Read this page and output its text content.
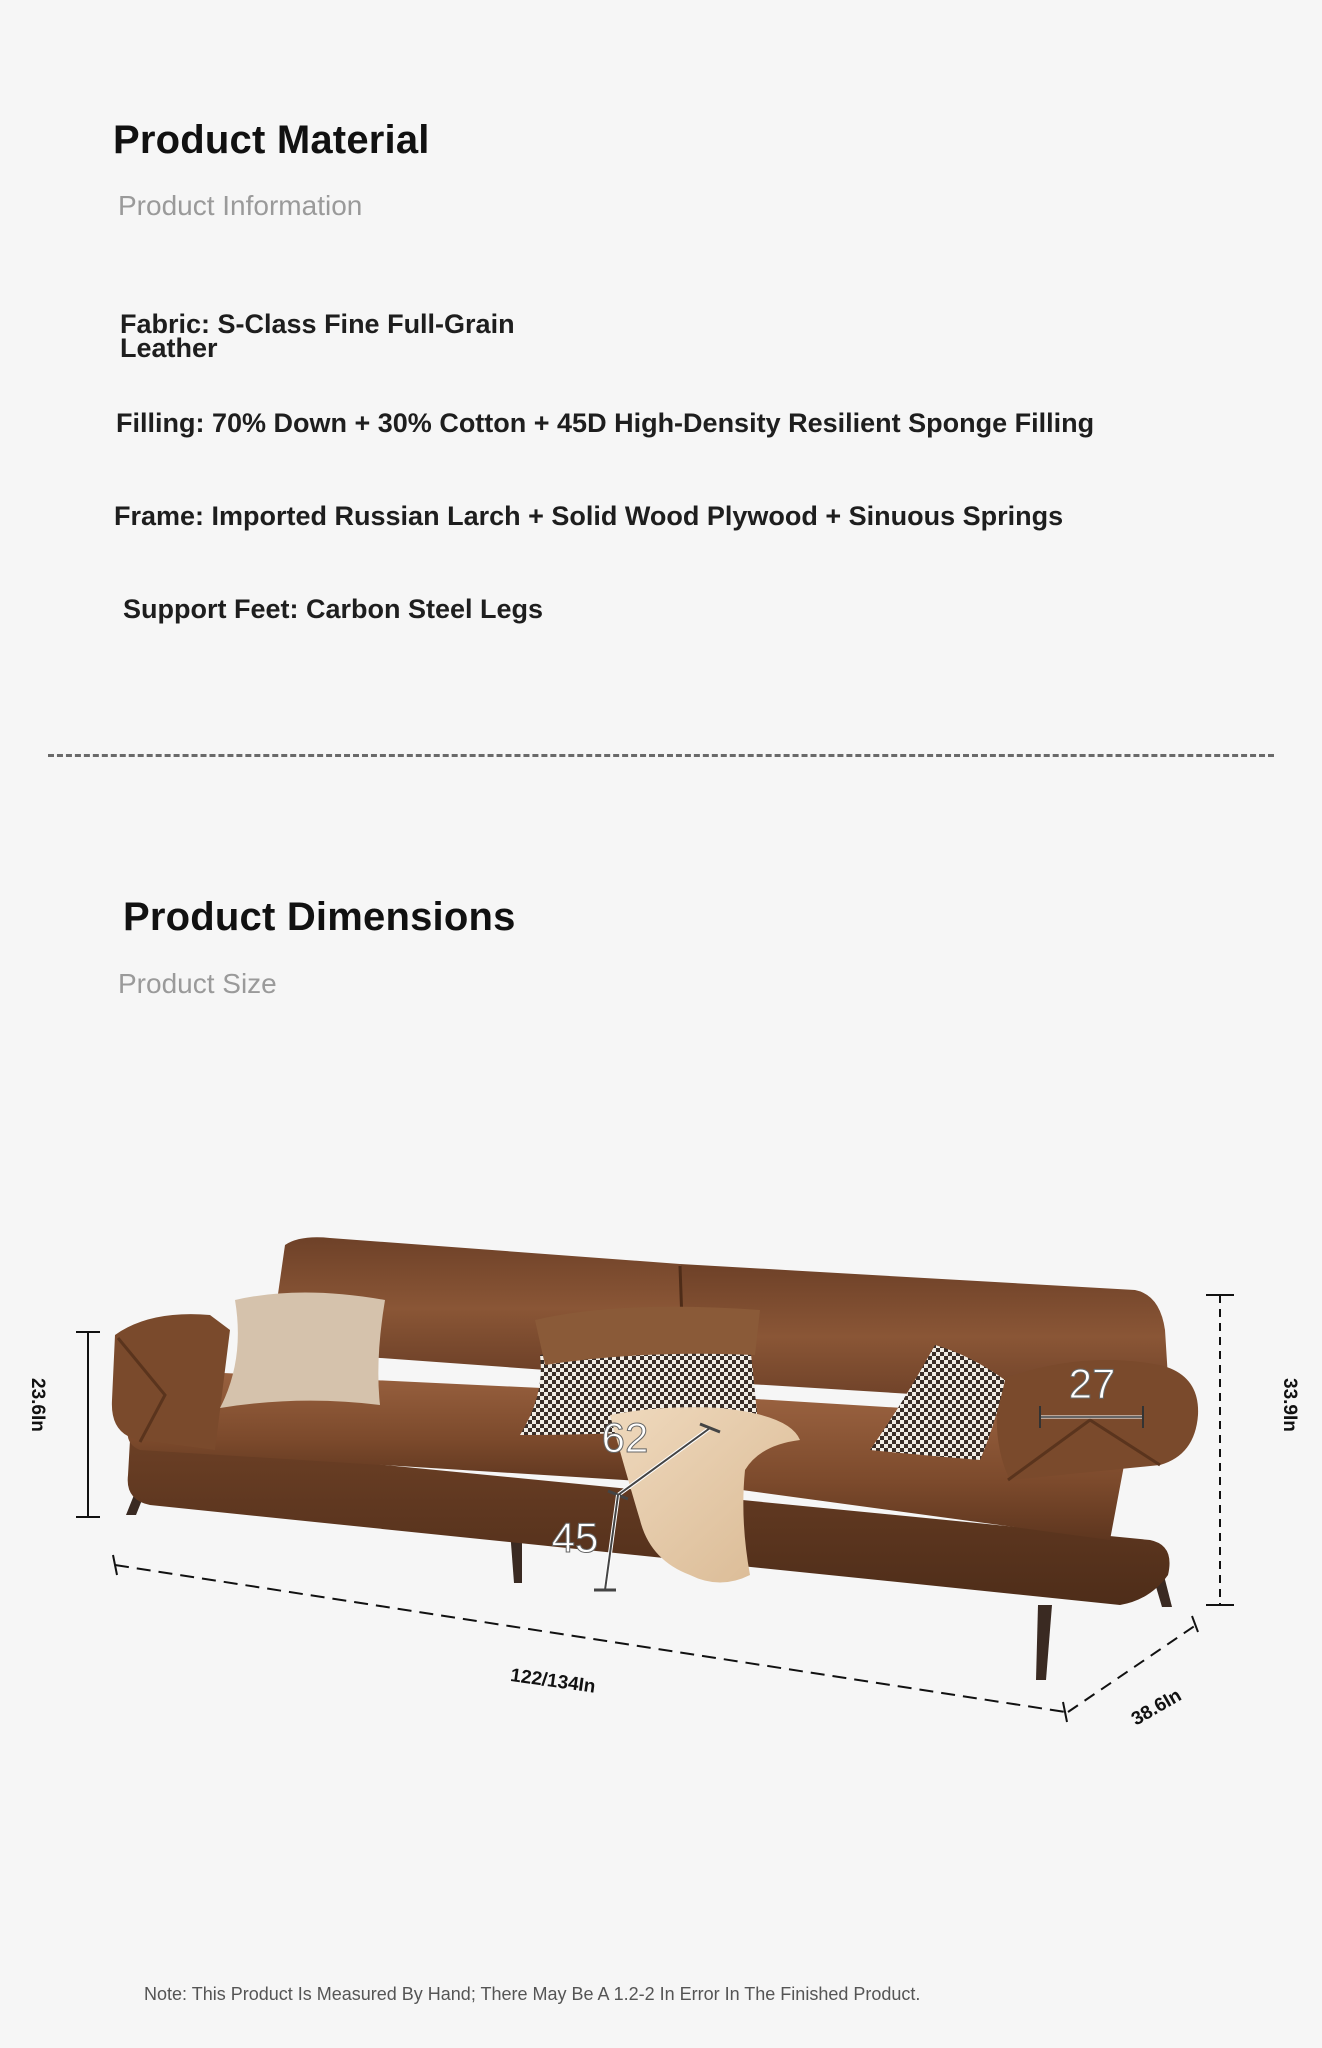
Product Material
Product Information
Fabric: S-Class Fine Full-Grain Leather
Filling: 70% Down + 30% Cotton + 45D High-Density Resilient Sponge Filling
Frame: Imported Russian Larch + Solid Wood Plywood + Sinuous Springs
Support Feet: Carbon Steel Legs
Product Dimensions
Product Size
27
62
45
23.6In	33.9In
122/134In
38.6In
Note: This Product Is Measured By Hand; There May Be A 1.2-2 In Error In The Finished Product.
